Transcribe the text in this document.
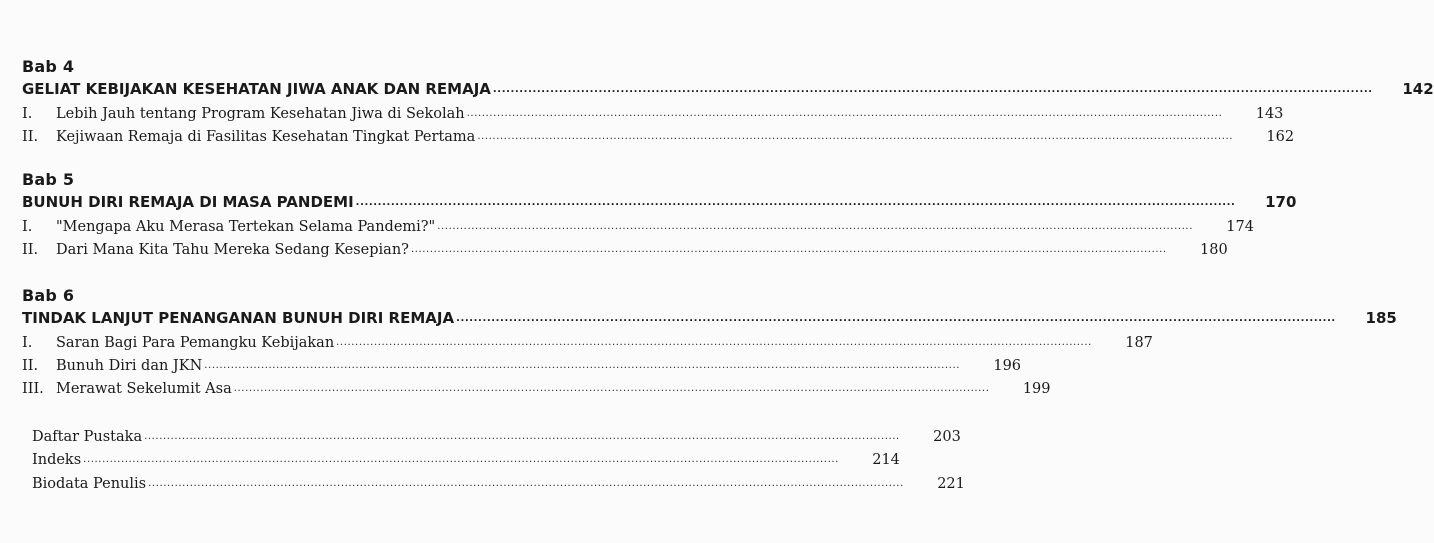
Bab 4
GELIAT KEBIJAKAN KESEHATAN JIWA ANAK DAN REMAJA ........................................................................................................................................................................................................	142
I. Lebih Jauh tentang Program Kesehatan Jiwa di Sekolah ........................................................................................................................................................................................................	143
II. Kejiwaan Remaja di Fasilitas Kesehatan Tingkat Pertama ........................................................................................................................................................................................................	162
Bab 5
BUNUH DIRI REMAJA DI MASA PANDEMI ........................................................................................................................................................................................................	170
I. "Mengapa Aku Merasa Tertekan Selama Pandemi?" ........................................................................................................................................................................................................	174
II. Dari Mana Kita Tahu Mereka Sedang Kesepian? ........................................................................................................................................................................................................	180
Bab 6
TINDAK LANJUT PENANGANAN BUNUH DIRI REMAJA ........................................................................................................................................................................................................	185
I. Saran Bagi Para Pemangku Kebijakan ........................................................................................................................................................................................................	187
II. Bunuh Diri dan JKN ........................................................................................................................................................................................................	196
III. Merawat Sekelumit Asa ........................................................................................................................................................................................................	199
Daftar Pustaka ........................................................................................................................................................................................................	203
Indeks ........................................................................................................................................................................................................	214
Biodata Penulis ........................................................................................................................................................................................................	221
